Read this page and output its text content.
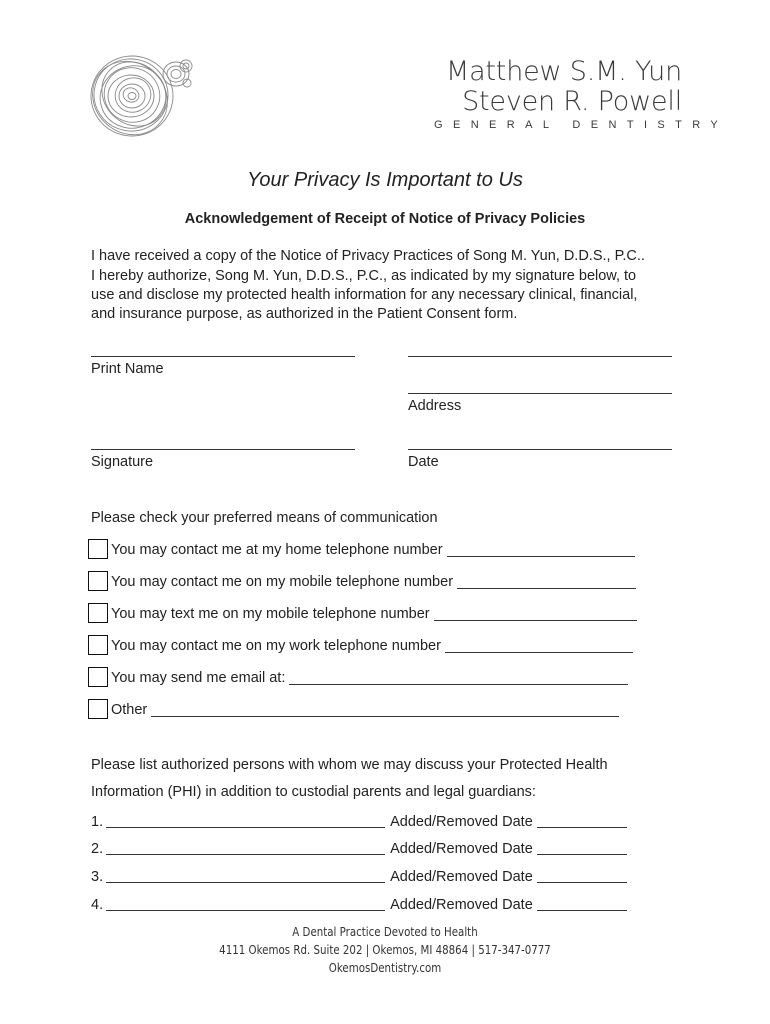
Matthew S.M. Yun
Steven R. Powell
GENERAL DENTISTRY
Your Privacy Is Important to Us
Acknowledgement of Receipt of Notice of Privacy Policies
I have received a copy of the Notice of Privacy Practices of Song M. Yun, D.D.S., P.C..
I hereby authorize, Song M. Yun, D.D.S., P.C., as indicated by my signature below, to
use and disclose my protected health information for any necessary clinical, financial,
and insurance purpose, as authorized in the Patient Consent form.
Print Name
Address
Signature	Date
Please check your preferred means of communication
You may contact me at my home telephone number
You may contact me on my mobile telephone number
You may text me on my mobile telephone number
You may contact me on my work telephone number
You may send me email at:
Other
Please list authorized persons with whom we may discuss your Protected Health
Information (PHI) in addition to custodial parents and legal guardians:
1.	Added/Removed Date
2.	Added/Removed Date
3.	Added/Removed Date
4.	Added/Removed Date
A Dental Practice Devoted to Health
4111 Okemos Rd. Suite 202 | Okemos, MI 48864 | 517-347-0777
OkemosDentistry.com
